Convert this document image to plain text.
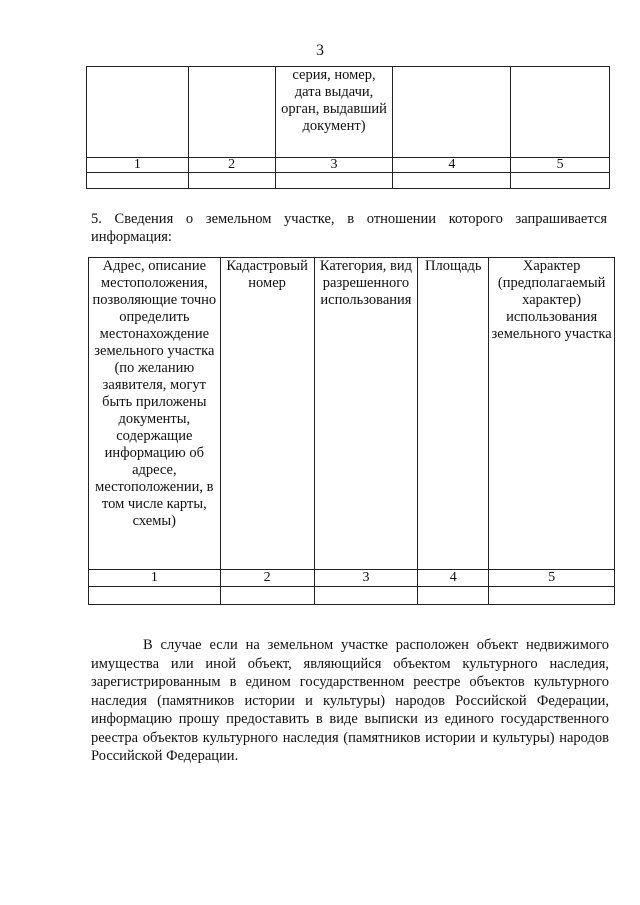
3
		серия, номер, дата выдачи, орган, выдавший документ)		
1	2	3	4	5

5. Сведения о земельном участке, в отношении которого запрашивается информация:
Адрес, описание местоположения, позволяющие точно определить местонахождение земельного участка (по желанию заявителя, могут быть приложены документы, содержащие информацию об адресе, местоположении, в том числе карты, схемы)	Кадастровый номер	Категория, вид разрешенного использования	Площадь	Характер (предполагаемый характер) использования земельного участка
1	2	3	4	5

В случае если на земельном участке расположен объект недвижимого имущества или иной объект, являющийся объектом культурного наследия, зарегистрированным в едином государственном реестре объектов культурного наследия (памятников истории и культуры) народов Российской Федерации, информацию прошу предоставить в виде выписки из единого государственного реестра объектов культурного наследия (памятников истории и культуры) народов Российской Федерации.
